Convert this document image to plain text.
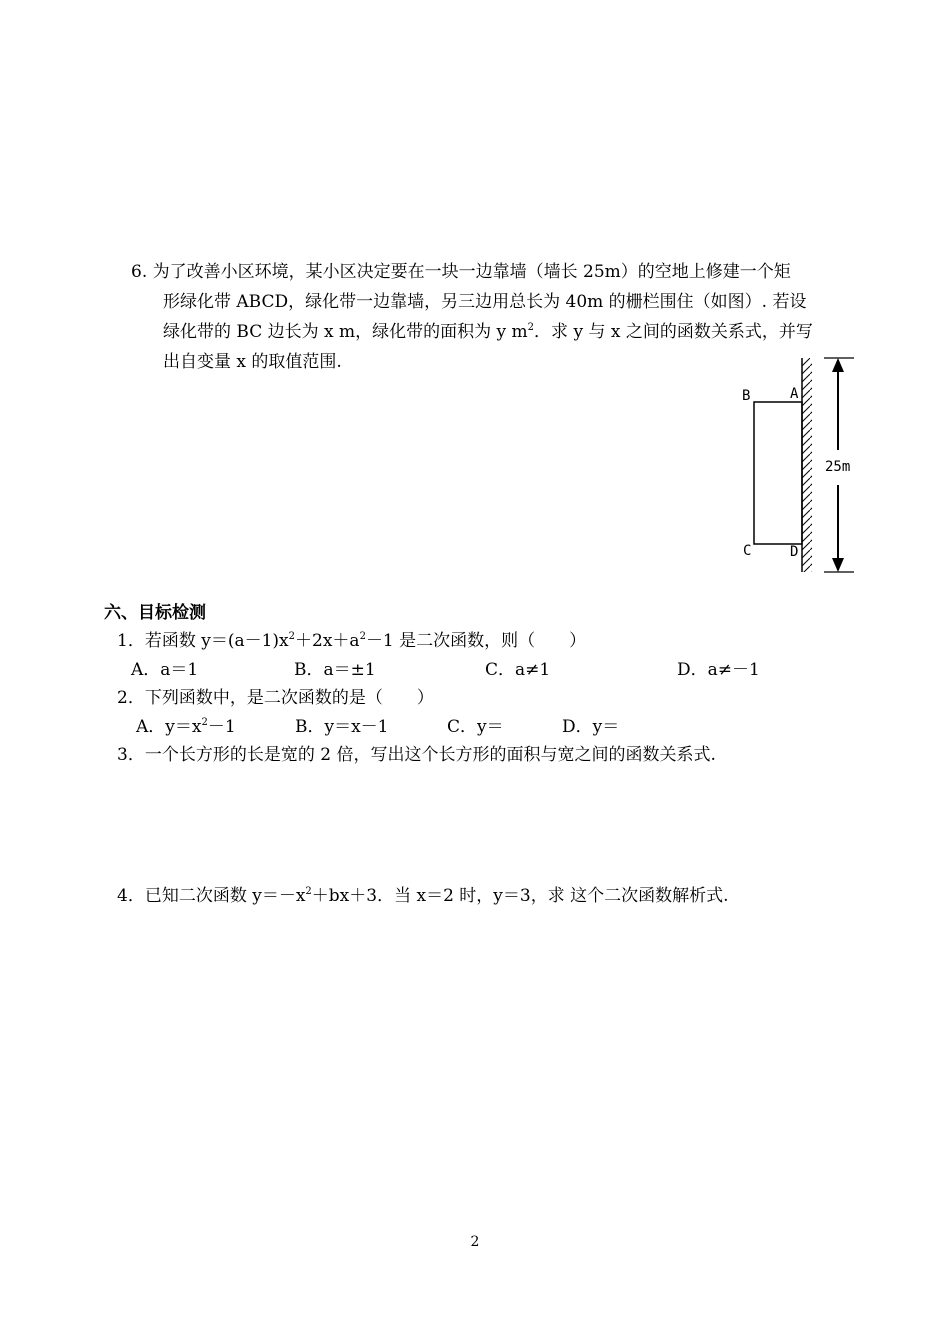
6. 为了改善小区环境，某小区决定要在一块一边靠墙（墙长 25m）的空地上修建一个矩
形绿化带 ABCD，绿化带一边靠墙，另三边用总长为 40m 的栅栏围住（如图）. 若设
绿化带的 BC 边长为 x m，绿化带的面积为 y $m^2$．求 y 与 x 之间的函数关系式，并写
出自变量 x 的取值范围.
A
B
C	D
25m
六、目标检测
1．若函数 $y=(a-1)x^2+2x+a^2-1$ 是二次函数，则（　　）
A．a＝1	B．a＝±1	C．a≠1	D．a≠－1
2．下列函数中，是二次函数的是（　　）
A．$y=x^2-1$	B．y＝x－1	C．y＝	D．y＝
3．一个长方形的长是宽的 2 倍，写出这个长方形的面积与宽之间的函数关系式.
4．已知二次函数 $y=-x^2+bx+3$．当 x＝2 时，y＝3，求 这个二次函数解析式.
2
